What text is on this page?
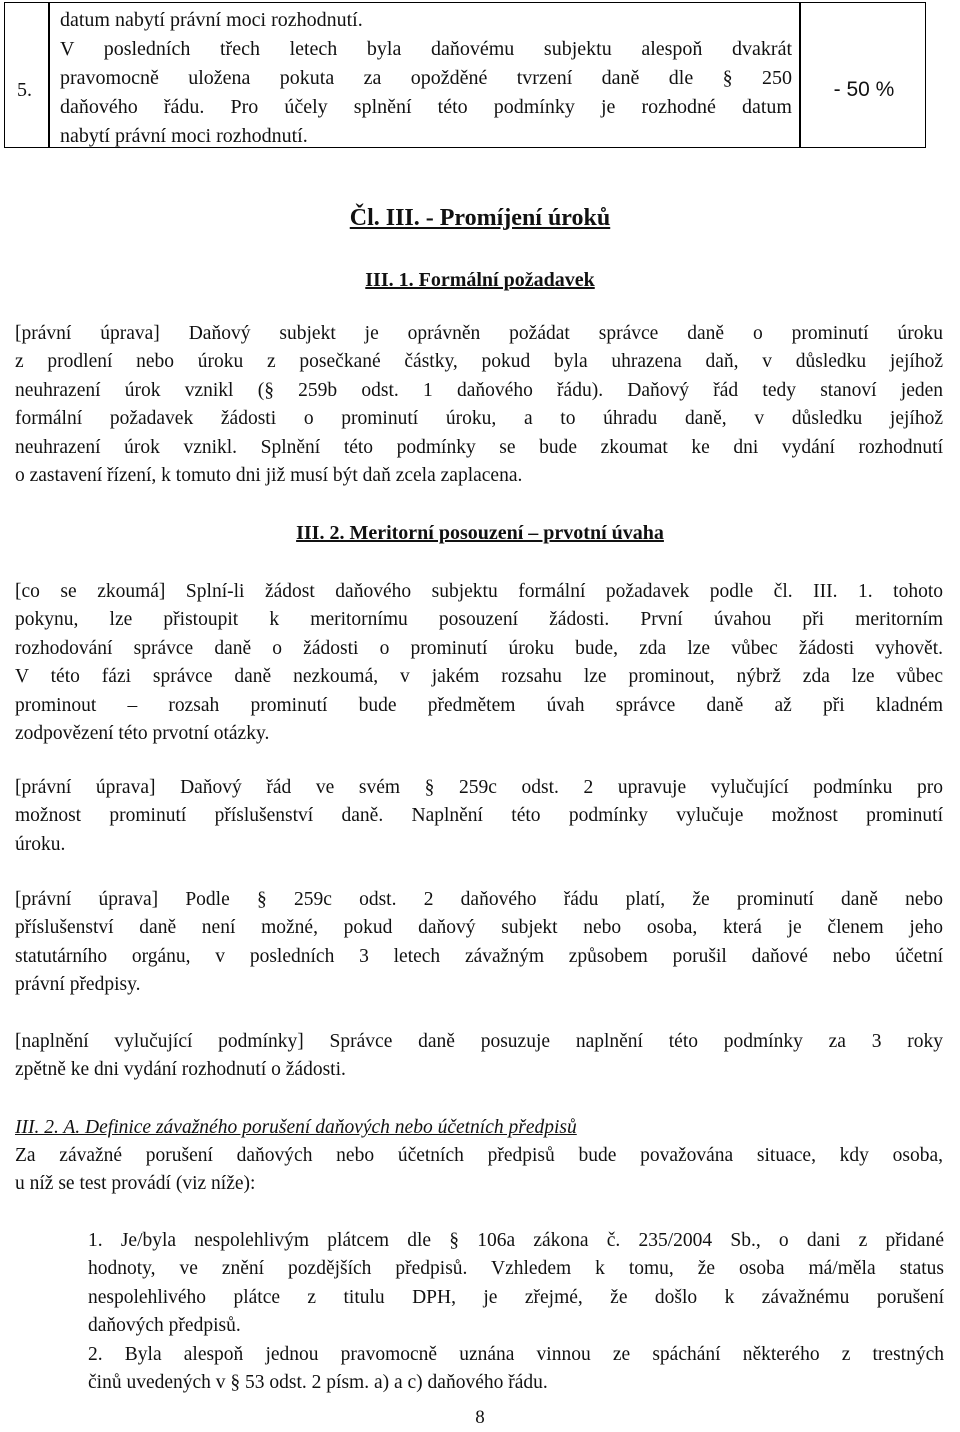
5.
datum nabytí právní moci rozhodnutí.
V posledních třech letech byla daňovému subjektu alespoň dvakrát
pravomocně uložena pokuta za opožděné tvrzení daně dle § 250
daňového řádu. Pro účely splnění této podmínky je rozhodné datum
nabytí právní moci rozhodnutí.
- 50 %
Čl. III. - Promíjení úroků
III. 1. Formální požadavek
[právní úprava] Daňový subjekt je oprávněn požádat správce daně o prominutí úroku
z prodlení nebo úroku z posečkané částky, pokud byla uhrazena daň, v důsledku jejíhož
neuhrazení úrok vznikl (§ 259b odst. 1 daňového řádu). Daňový řád tedy stanoví jeden
formální požadavek žádosti o prominutí úroku, a to úhradu daně, v důsledku jejíhož
neuhrazení úrok vznikl. Splnění této podmínky se bude zkoumat ke dni vydání rozhodnutí
o zastavení řízení, k tomuto dni již musí být daň zcela zaplacena.
III. 2. Meritorní posouzení – prvotní úvaha
[co se zkoumá] Splní-li žádost daňového subjektu formální požadavek podle čl. III. 1. tohoto
pokynu, lze přistoupit k meritornímu posouzení žádosti. První úvahou při meritorním
rozhodování správce daně o žádosti o prominutí úroku bude, zda lze vůbec žádosti vyhovět.
V této fázi správce daně nezkoumá, v jakém rozsahu lze prominout, nýbrž zda lze vůbec
prominout – rozsah prominutí bude předmětem úvah správce daně až při kladném
zodpovězení této prvotní otázky.
[právní úprava] Daňový řád ve svém § 259c odst. 2 upravuje vylučující podmínku pro
možnost prominutí příslušenství daně. Naplnění této podmínky vylučuje možnost prominutí
úroku.
[právní úprava] Podle § 259c odst. 2 daňového řádu platí, že prominutí daně nebo
příslušenství daně není možné, pokud daňový subjekt nebo osoba, která je členem jeho
statutárního orgánu, v posledních 3 letech závažným způsobem porušil daňové nebo účetní
právní předpisy.
[naplnění vylučující podmínky] Správce daně posuzuje naplnění této podmínky za 3 roky
zpětně ke dni vydání rozhodnutí o žádosti.
III. 2. A. Definice závažného porušení daňových nebo účetních předpisů
Za závažné porušení daňových nebo účetních předpisů bude považována situace, kdy osoba,
u níž se test provádí (viz níže):
1. Je/byla nespolehlivým plátcem dle § 106a zákona č. 235/2004 Sb., o dani z přidané
hodnoty, ve znění pozdějších předpisů. Vzhledem k tomu, že osoba má/měla status
nespolehlivého plátce z titulu DPH, je zřejmé, že došlo k závažnému porušení
daňových předpisů.
2. Byla alespoň jednou pravomocně uznána vinnou ze spáchání některého z trestných
činů uvedených v § 53 odst. 2 písm. a) a c) daňového řádu.
8
